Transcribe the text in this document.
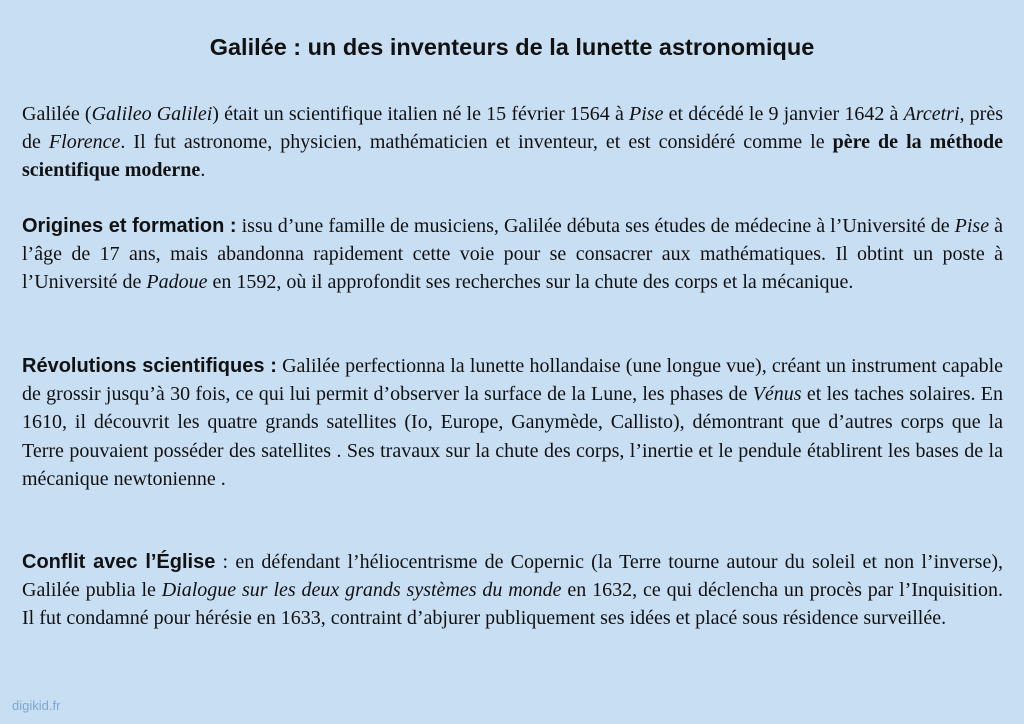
Galilée : un des inventeurs de la lunette astronomique

Galilée (Galileo Galilei) était un scientifique italien né le 15 février 1564 à Pise et décédé le 9 janvier 1642 à Arcetri, près de Florence. Il fut astronome, physicien, mathématicien et inventeur, et est considéré comme le père de la méthode scientifique moderne.

Origines et formation : issu d’une famille de musiciens, Galilée débuta ses études de médecine à l’Université de Pise à l’âge de 17 ans, mais abandonna rapidement cette voie pour se consacrer aux mathématiques. Il obtint un poste à l’Université de Padoue en 1592, où il approfondit ses recherches sur la chute des corps et la mécanique.

Révolutions scientifiques : Galilée perfectionna la lunette hollandaise (une longue vue), créant un instrument capable de grossir jusqu’à 30 fois, ce qui lui permit d’observer la surface de la Lune, les phases de Vénus et les taches solaires. En 1610, il découvrit les quatre grands satellites (Io, Europe, Ganymède, Callisto), démontrant que d’autres corps que la Terre pouvaient posséder des satellites . Ses travaux sur la chute des corps, l’inertie et le pendule établirent les bases de la mécanique newtonienne .

Conflit avec l’Église : en défendant l’héliocentrisme de Copernic (la Terre tourne autour du soleil et non l’inverse), Galilée publia le Dialogue sur les deux grands systèmes du monde en 1632, ce qui déclencha un procès par l’Inquisition. Il fut condamné pour hérésie en 1633, contraint d’abjurer publiquement ses idées et placé sous résidence surveillée.

digikid.fr
